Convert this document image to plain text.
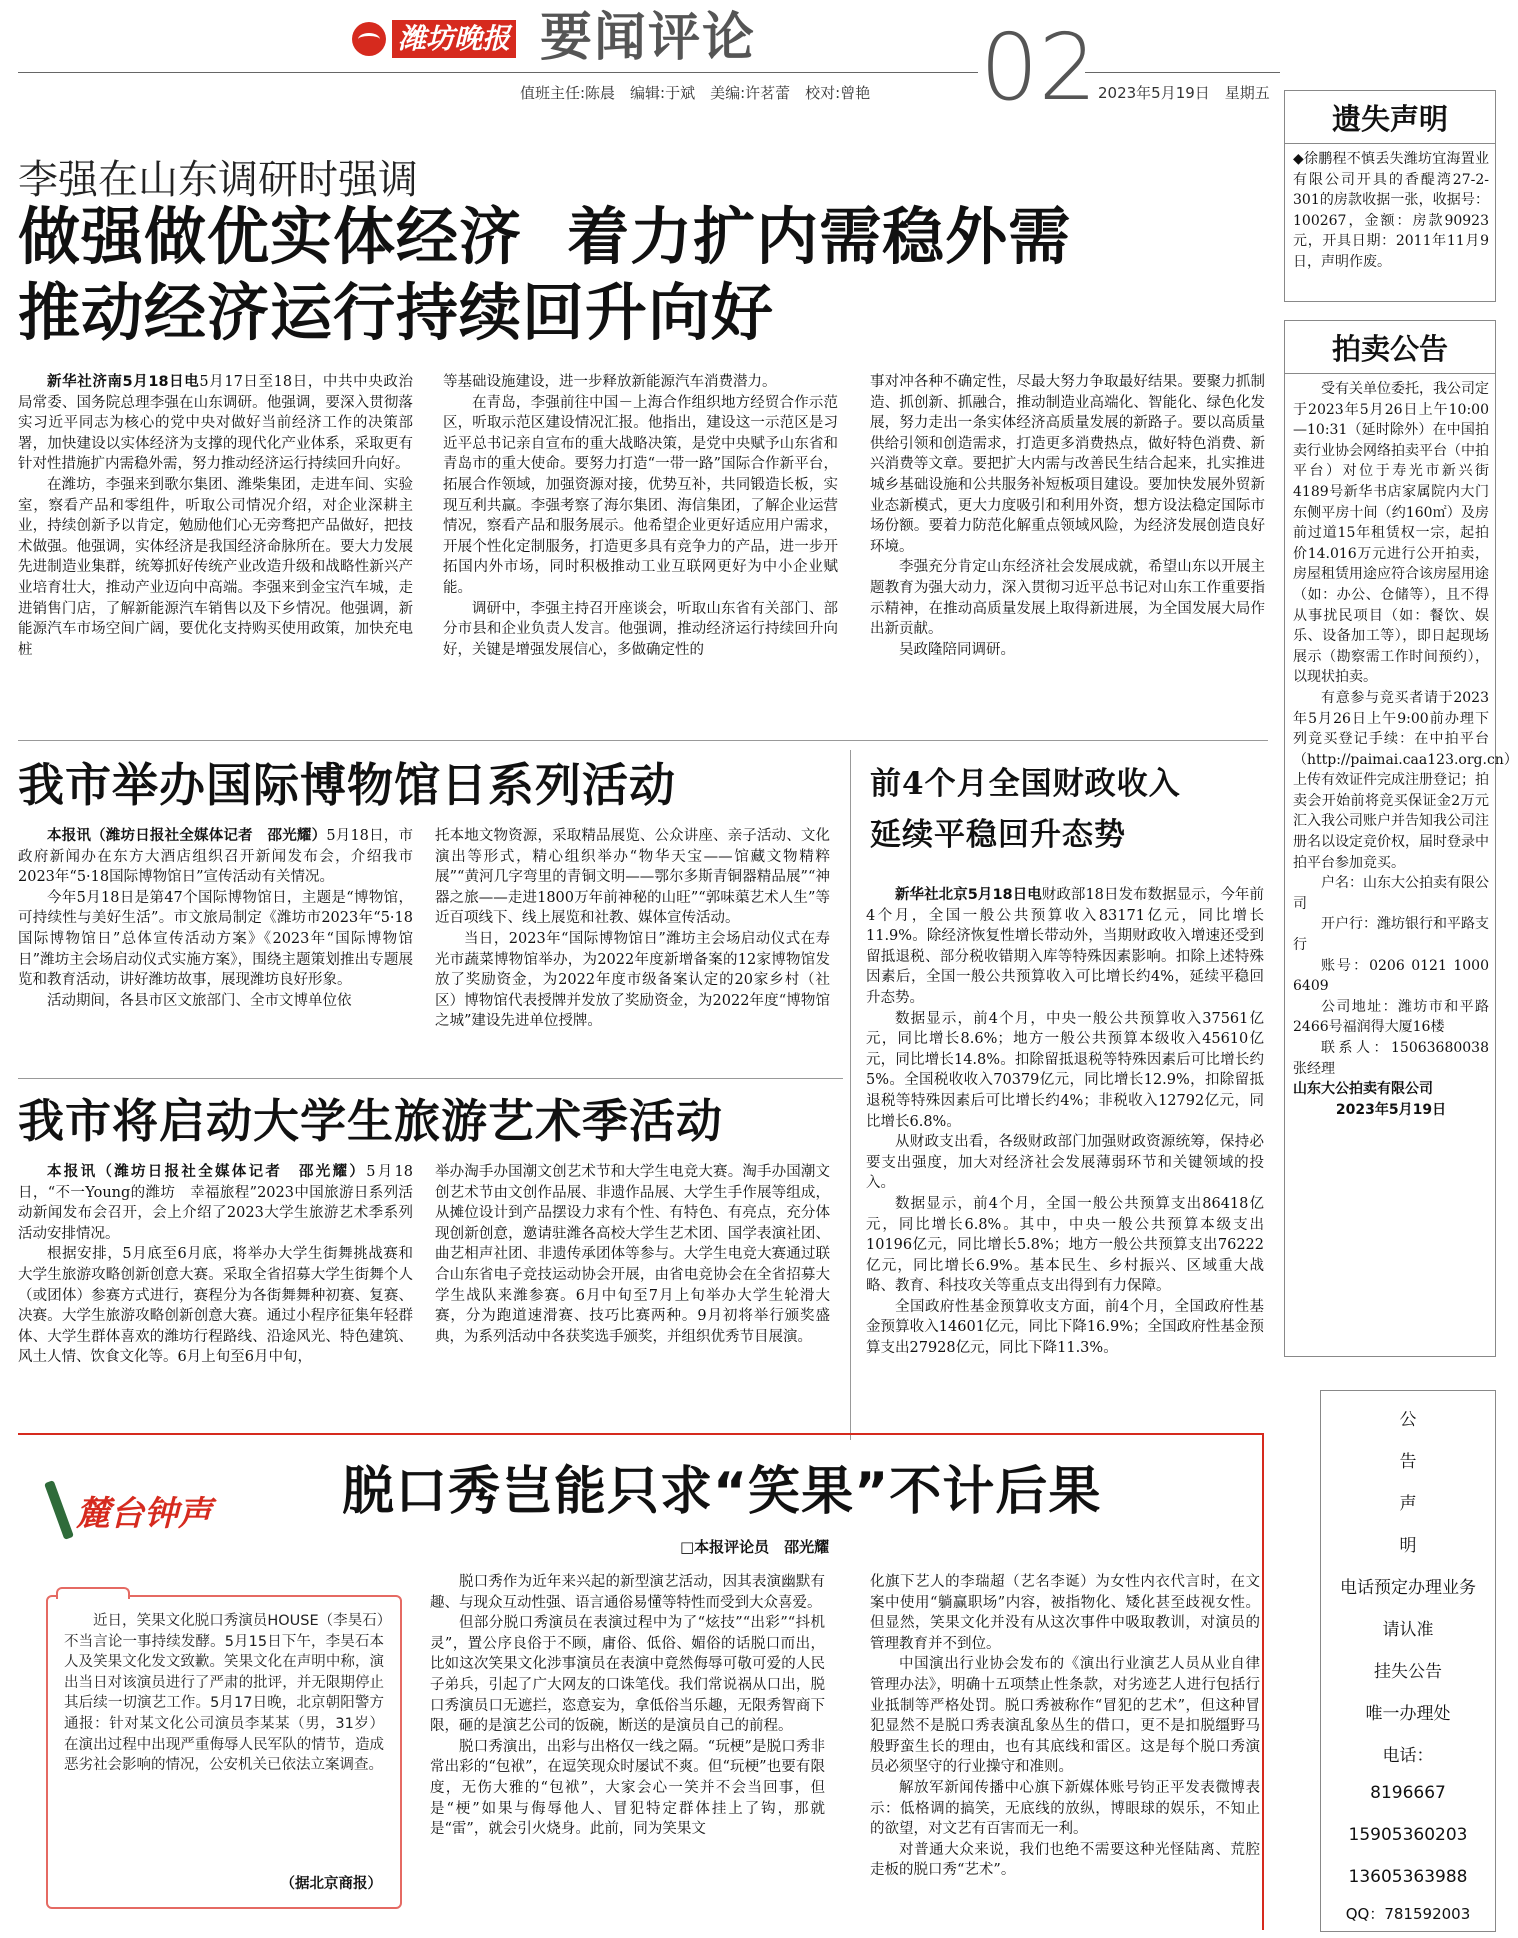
潍坊晚报 要闻评论 02
值班主任:陈晨　编辑:于斌　美编:许茗蕾　校对:曾艳	2023年5月19日　星期五
李强在山东调研时强调
做强做优实体经济  着力扩内需稳外需
推动经济运行持续回升向好

新华社济南5月18日电5月17日至18日，中共中央政治局常委、国务院总理李强在山东调研。他强调，要深入贯彻落实习近平同志为核心的党中央对做好当前经济工作的决策部署，加快建设以实体经济为支撑的现代化产业体系，采取更有针对性措施扩内需稳外需，努力推动经济运行持续回升向好。

在潍坊，李强来到歌尔集团、潍柴集团，走进车间、实验室，察看产品和零组件，听取公司情况介绍，对企业深耕主业，持续创新予以肯定，勉励他们心无旁骛把产品做好，把技术做强。他强调，实体经济是我国经济命脉所在。要大力发展先进制造业集群，统筹抓好传统产业改造升级和战略性新兴产业培育壮大，推动产业迈向中高端。李强来到金宝汽车城，走进销售门店，了解新能源汽车销售以及下乡情况。他强调，新能源汽车市场空间广阔，要优化支持购买使用政策，加快充电桩

等基础设施建设，进一步释放新能源汽车消费潜力。

在青岛，李强前往中国－上海合作组织地方经贸合作示范区，听取示范区建设情况汇报。他指出，建设这一示范区是习近平总书记亲自宣布的重大战略决策，是党中央赋予山东省和青岛市的重大使命。要努力打造“一带一路”国际合作新平台，拓展合作领域，加强资源对接，优势互补，共同锻造长板，实现互利共赢。李强考察了海尔集团、海信集团，了解企业运营情况，察看产品和服务展示。他希望企业更好适应用户需求，开展个性化定制服务，打造更多具有竞争力的产品，进一步开拓国内外市场，同时积极推动工业互联网更好为中小企业赋能。

调研中，李强主持召开座谈会，听取山东省有关部门、部分市县和企业负责人发言。他强调，推动经济运行持续回升向好，关键是增强发展信心，多做确定性的

事对冲各种不确定性，尽最大努力争取最好结果。要聚力抓制造、抓创新、抓融合，推动制造业高端化、智能化、绿色化发展，努力走出一条实体经济高质量发展的新路子。要以高质量供给引领和创造需求，打造更多消费热点，做好特色消费、新兴消费等文章。要把扩大内需与改善民生结合起来，扎实推进城乡基础设施和公共服务补短板项目建设。要加快发展外贸新业态新模式，更大力度吸引和利用外资，想方设法稳定国际市场份额。要着力防范化解重点领域风险，为经济发展创造良好环境。

李强充分肯定山东经济社会发展成就，希望山东以开展主题教育为强大动力，深入贯彻习近平总书记对山东工作重要指示精神，在推动高质量发展上取得新进展，为全国发展大局作出新贡献。

吴政隆陪同调研。

我市举办国际博物馆日系列活动

本报讯（潍坊日报社全媒体记者　邵光耀）5月18日，市政府新闻办在东方大酒店组织召开新闻发布会，介绍我市2023年“5·18国际博物馆日”宣传活动有关情况。

今年5月18日是第47个国际博物馆日，主题是“博物馆，可持续性与美好生活”。市文旅局制定《潍坊市2023年“5·18国际博物馆日”总体宣传活动方案》《2023年“国际博物馆日”潍坊主会场启动仪式实施方案》，围绕主题策划推出专题展览和教育活动，讲好潍坊故事，展现潍坊良好形象。

活动期间，各县市区文旅部门、全市文博单位依

托本地文物资源，采取精品展览、公众讲座、亲子活动、文化演出等形式，精心组织举办“物华天宝——馆藏文物精粹展”“黄河几字弯里的青铜文明——鄂尔多斯青铜器精品展”“神器之旅——走进1800万年前神秘的山旺”“郭味蕖艺术人生”等近百项线下、线上展览和社教、媒体宣传活动。

当日，2023年“国际博物馆日”潍坊主会场启动仪式在寿光市蔬菜博物馆举办，为2022年度新增备案的12家博物馆发放了奖励资金，为2022年度市级备案认定的20家乡村（社区）博物馆代表授牌并发放了奖励资金，为2022年度“博物馆之城”建设先进单位授牌。

前4个月全国财政收入
延续平稳回升态势

新华社北京5月18日电财政部18日发布数据显示，今年前4个月，全国一般公共预算收入83171亿元，同比增长11.9%。除经济恢复性增长带动外，当期财政收入增速还受到留抵退税、部分税收错期入库等特殊因素影响。扣除上述特殊因素后，全国一般公共预算收入可比增长约4%，延续平稳回升态势。

数据显示，前4个月，中央一般公共预算收入37561亿元，同比增长8.6%；地方一般公共预算本级收入45610亿元，同比增长14.8%。扣除留抵退税等特殊因素后可比增长约5%。全国税收收入70379亿元，同比增长12.9%，扣除留抵退税等特殊因素后可比增长约4%；非税收入12792亿元，同比增长6.8%。

从财政支出看，各级财政部门加强财政资源统筹，保持必要支出强度，加大对经济社会发展薄弱环节和关键领域的投入。

数据显示，前4个月，全国一般公共预算支出86418亿元，同比增长6.8%。其中，中央一般公共预算本级支出10196亿元，同比增长5.8%；地方一般公共预算支出76222亿元，同比增长6.9%。基本民生、乡村振兴、区域重大战略、教育、科技攻关等重点支出得到有力保障。

全国政府性基金预算收支方面，前4个月，全国政府性基金预算收入14601亿元，同比下降16.9%；全国政府性基金预算支出27928亿元，同比下降11.3%。

我市将启动大学生旅游艺术季活动

本报讯（潍坊日报社全媒体记者　邵光耀）5月18日，“不一Young的潍坊　幸福旅程”2023中国旅游日系列活动新闻发布会召开，会上介绍了2023大学生旅游艺术季系列活动安排情况。

根据安排，5月底至6月底，将举办大学生街舞挑战赛和大学生旅游攻略创新创意大赛。采取全省招募大学生街舞个人（或团体）参赛方式进行，赛程分为各街舞舞种初赛、复赛、决赛。大学生旅游攻略创新创意大赛。通过小程序征集年轻群体、大学生群体喜欢的潍坊行程路线、沿途风光、特色建筑、风土人情、饮食文化等。6月上旬至6月中旬，

举办淘手办国潮文创艺术节和大学生电竞大赛。淘手办国潮文创艺术节由文创作品展、非遗作品展、大学生手作展等组成，从摊位设计到产品摆设力求有个性、有特色、有亮点，充分体现创新创意，邀请驻潍各高校大学生艺术团、国学表演社团、曲艺相声社团、非遗传承团体等参与。大学生电竞大赛通过联合山东省电子竞技运动协会开展，由省电竞协会在全省招募大学生战队来潍参赛。6月中旬至7月上旬举办大学生轮滑大赛，分为跑道速滑赛、技巧比赛两种。9月初将举行颁奖盛典，为系列活动中各获奖选手颁奖，并组织优秀节目展演。

麓台钟声	脱口秀岂能只求“笑果”不计后果
□本报评论员　邵光耀

近日，笑果文化脱口秀演员HOUSE（李昊石）不当言论一事持续发酵。5月15日下午，李昊石本人及笑果文化发文致歉。笑果文化在声明中称，演出当日对该演员进行了严肃的批评，并无限期停止其后续一切演艺工作。5月17日晚，北京朝阳警方通报：针对某文化公司演员李某某（男，31岁）在演出过程中出现严重侮辱人民军队的情节，造成恶劣社会影响的情况，公安机关已依法立案调查。

（据北京商报）

脱口秀作为近年来兴起的新型演艺活动，因其表演幽默有趣、与现众互动性强、语言通俗易懂等特性而受到大众喜爱。

但部分脱口秀演员在表演过程中为了“炫技”“出彩”“抖机灵”，置公序良俗于不顾，庸俗、低俗、媚俗的话脱口而出，比如这次笑果文化涉事演员在表演中竟然侮辱可敬可爱的人民子弟兵，引起了广大网友的口诛笔伐。我们常说祸从口出，脱口秀演员口无遮拦，恣意妄为，拿低俗当乐趣，无限秀智商下限，砸的是演艺公司的饭碗，断送的是演员自己的前程。

脱口秀演出，出彩与出格仅一线之隔。“玩梗”是脱口秀非常出彩的“包袱”，在逗笑现众时屡试不爽。但“玩梗”也要有限度，无伤大雅的“包袱”，大家会心一笑并不会当回事，但是“梗”如果与侮辱他人、冒犯特定群体挂上了钩，那就是“雷”，就会引火烧身。此前，同为笑果文

化旗下艺人的李瑞超（艺名李诞）为女性内衣代言时，在文案中使用“躺赢职场”内容，被指物化、矮化甚至歧视女性。但显然，笑果文化并没有从这次事件中吸取教训，对演员的管理教育并不到位。

中国演出行业协会发布的《演出行业演艺人员从业自律管理办法》，明确十五项禁止性条款，对劣迹艺人进行包括行业抵制等严格处罚。脱口秀被称作“冒犯的艺术”，但这种冒犯显然不是脱口秀表演乱象丛生的借口，更不是扣脱缰野马般野蛮生长的理由，也有其底线和雷区。这是每个脱口秀演员必须坚守的行业操守和准则。

解放军新闻传播中心旗下新媒体账号钧正平发表微博表示：低格调的搞笑，无底线的放纵，博眼球的娱乐，不知止的欲望，对文艺有百害而无一利。

对普通大众来说，我们也绝不需要这种光怪陆离、荒腔走板的脱口秀“艺术”。

遗失声明

◆徐鹏程不慎丢失潍坊宜海置业有限公司开具的香醍湾27-2-301的房款收据一张，收据号：100267，金额：房款90923元，开具日期：2011年11月9日，声明作废。

拍卖公告

受有关单位委托，我公司定于2023年5月26日上午10:00—10:31（延时除外）在中国拍卖行业协会网络拍卖平台（中拍平台）对位于寿光市新兴街4189号新华书店家属院内大门东侧平房十间（约160㎡）及房前过道15年租赁权一宗，起拍价14.016万元进行公开拍卖，房屋租赁用途应符合该房屋用途（如：办公、仓储等），且不得从事扰民项目（如：餐饮、娱乐、设备加工等），即日起现场展示（勘察需工作时间预约），以现状拍卖。

有意参与竞买者请于2023年5月26日上午9:00前办理下列竞买登记手续：在中拍平台（http://paimai.caa123.org.cn）上传有效证件完成注册登记；拍卖会开始前将竞买保证金2万元汇入我公司账户并告知我公司注册名以设定竞价权，届时登录中拍平台参加竞买。

户名：山东大公拍卖有限公司

开户行：潍坊银行和平路支行

账号：0206 0121 1000 6409

公司地址：潍坊市和平路2466号福润得大厦16楼

联系人：15063680038　张经理

山东大公拍卖有限公司

2023年5月19日

公
告
声
明
电话预定办理业务
请认准
挂失公告
唯一办理处
电话：
8196667
15905360203
13605363988
QQ：781592003
